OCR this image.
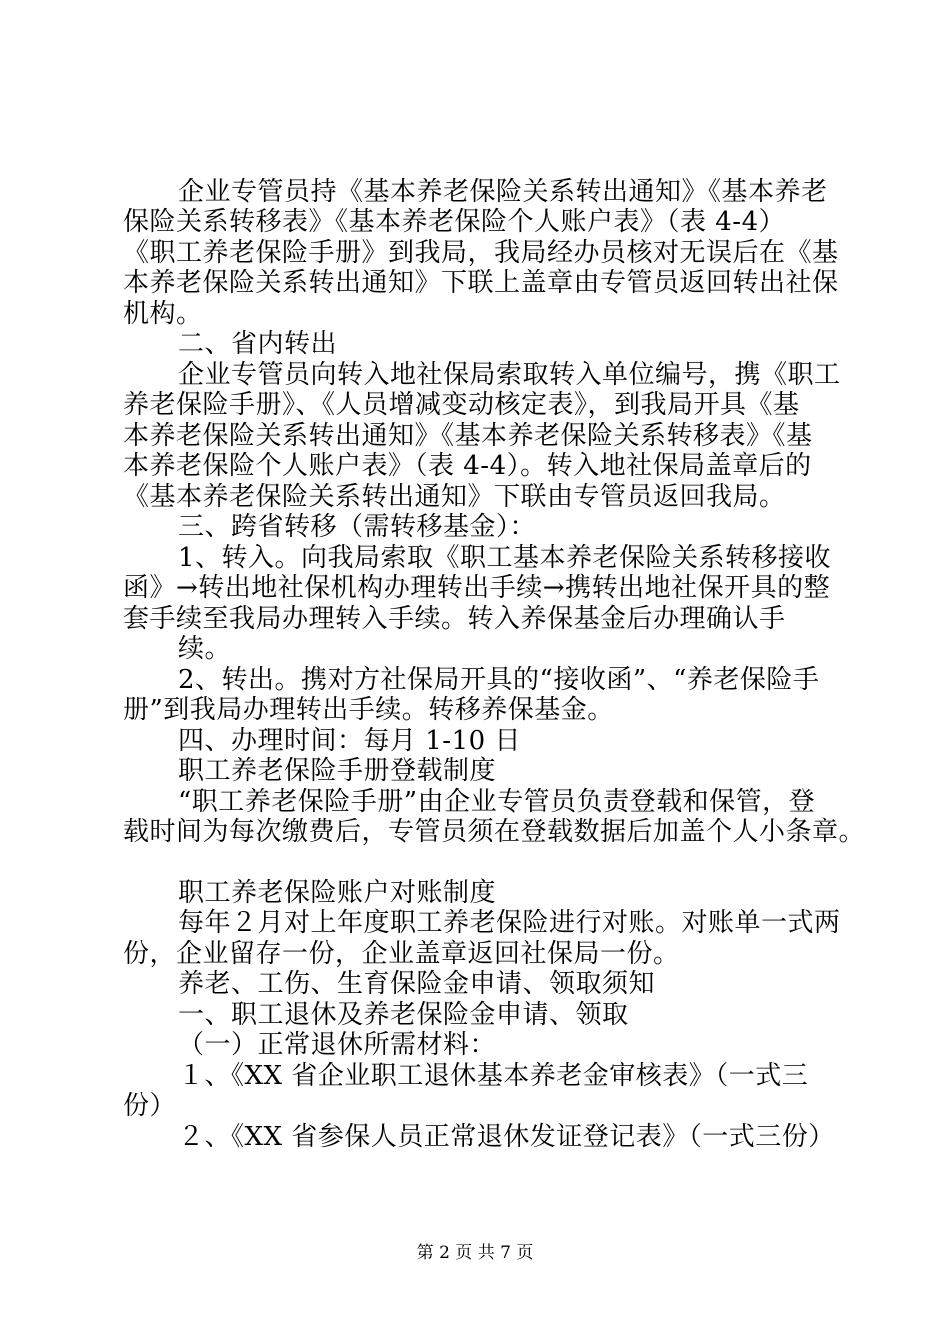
企业专管员持《基本养老保险关系转出通知》《基本养老
保险关系转移表》《基本养老保险个人账户表》（表 4-4）
《职工养老保险手册》到我局，我局经办员核对无误后在《基
本养老保险关系转出通知》下联上盖章由专管员返回转出社保
机构。
二、省内转出
企业专管员向转入地社保局索取转入单位编号，携《职工
养老保险手册》、《人员增减变动核定表》，到我局开具《基
本养老保险关系转出通知》《基本养老保险关系转移表》《基
本养老保险个人账户表》（表 4-4）。转入地社保局盖章后的
《基本养老保险关系转出通知》下联由专管员返回我局。
三、跨省转移（需转移基金）：
1、转入。向我局索取《职工基本养老保险关系转移接收
函》→转出地社保机构办理转出手续→携转出地社保开具的整
套手续至我局办理转入手续。转入养保基金后办理确认手
续。
2、转出。携对方社保局开具的“接收函”、“养老保险手
册”到我局办理转出手续。转移养保基金。
四、办理时间：每月 1-10 日
职工养老保险手册登载制度
“职工养老保险手册”由企业专管员负责登载和保管，登
载时间为每次缴费后，专管员须在登载数据后加盖个人小条章。
职工养老保险账户对账制度
每年２月对上年度职工养老保险进行对账。对账单一式两
份，企业留存一份，企业盖章返回社保局一份。
养老、工伤、生育保险金申请、领取须知
一、职工退休及养老保险金申请、领取
（一）正常退休所需材料：
１、《XX 省企业职工退休基本养老金审核表》（一式三
份）
２、《XX 省参保人员正常退休发证登记表》（一式三份）
第 2 页 共 7 页
